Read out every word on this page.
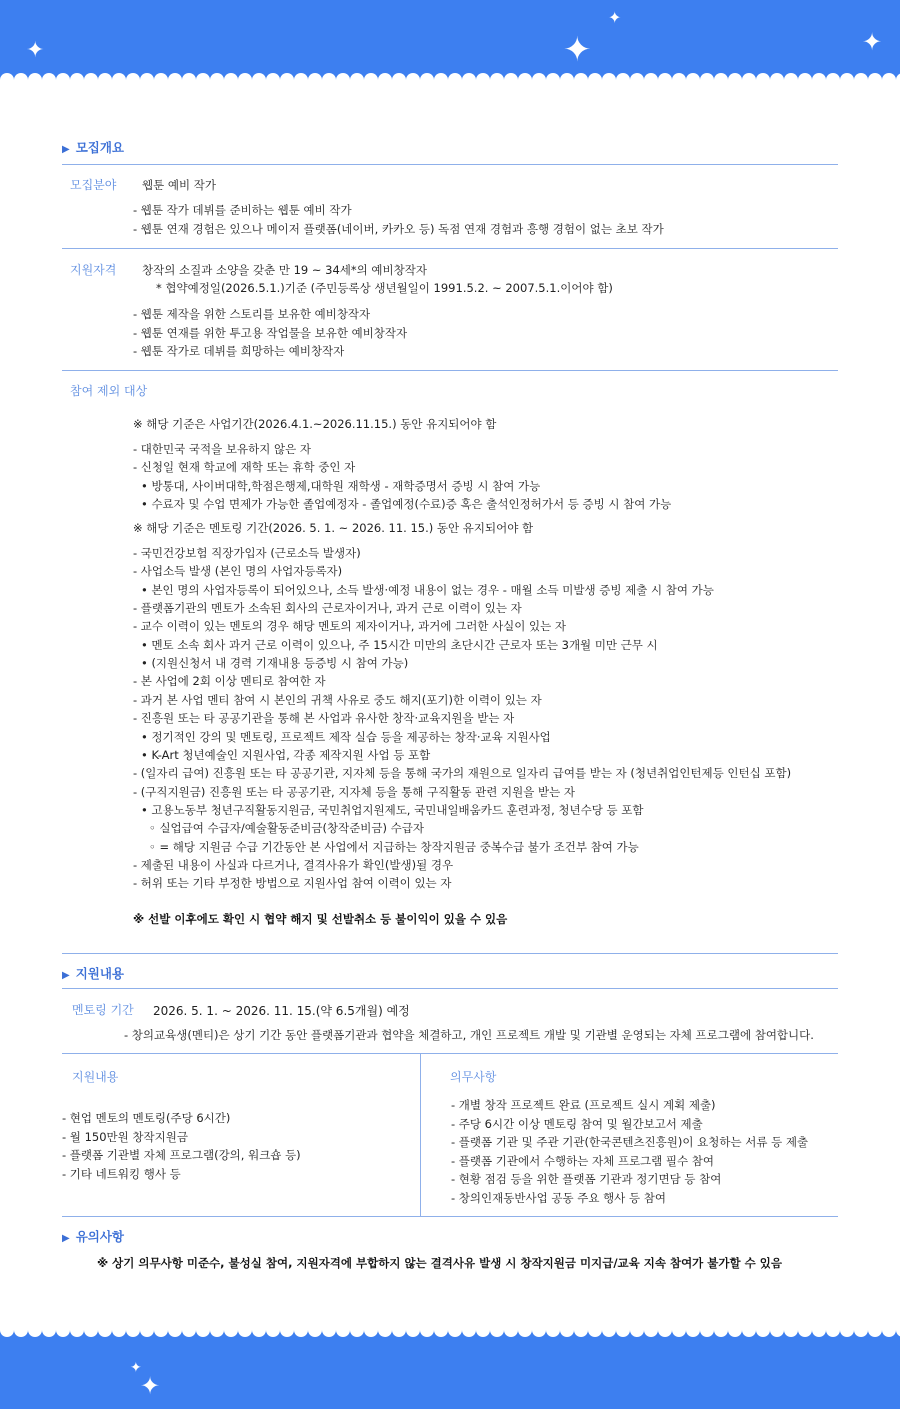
✦	✦
✦
✦
▶ 모집개요
모집분야 웹툰 예비 작가
- 웹툰 작가 데뷔를 준비하는 웹툰 예비 작가
- 웹툰 연재 경험은 있으나 메이저 플랫폼(네이버, 카카오 등) 독점 연재 경험과 흥행 경험이 없는 초보 작가
지원자격 창작의 소질과 소양을 갖춘 만 19 ~ 34세*의 예비창작자
* 협약예정일(2026.5.1.)기준 (주민등록상 생년월일이 1991.5.2. ~ 2007.5.1.이어야 함)
- 웹툰 제작을 위한 스토리를 보유한 예비창작자
- 웹툰 연재를 위한 투고용 작업물을 보유한 예비창작자
- 웹툰 작가로 데뷔를 희망하는 예비창작자
참여 제외 대상
※ 해당 기준은 사업기간(2026.4.1.~2026.11.15.) 동안 유지되어야 함
- 대한민국 국적을 보유하지 않은 자
- 신청일 현재 학교에 재학 또는 휴학 중인 자
• 방통대, 사이버대학,학점은행제,대학원 재학생 - 재학증명서 증빙 시 참여 가능
• 수료자 및 수업 면제가 가능한 졸업예정자 - 졸업예정(수료)증 혹은 출석인정허가서 등 증빙 시 참여 가능
※ 해당 기준은 멘토링 기간(2026. 5. 1. ~ 2026. 11. 15.) 동안 유지되어야 함
- 국민건강보험 직장가입자 (근로소득 발생자)
- 사업소득 발생 (본인 명의 사업자등록자)
• 본인 명의 사업자등록이 되어있으나, 소득 발생·예정 내용이 없는 경우 - 매월 소득 미발생 증빙 제출 시 참여 가능
- 플랫폼기관의 멘토가 소속된 회사의 근로자이거나, 과거 근로 이력이 있는 자
- 교수 이력이 있는 멘토의 경우 해당 멘토의 제자이거나, 과거에 그러한 사실이 있는 자
• 멘토 소속 회사 과거 근로 이력이 있으나, 주 15시간 미만의 초단시간 근로자 또는 3개월 미만 근무 시
• (지원신청서 내 경력 기재내용 등증빙 시 참여 가능)
- 본 사업에 2회 이상 멘티로 참여한 자
- 과거 본 사업 멘티 참여 시 본인의 귀책 사유로 중도 해지(포기)한 이력이 있는 자
- 진흥원 또는 타 공공기관을 통해 본 사업과 유사한 창작·교육지원을 받는 자
• 정기적인 강의 및 멘토링, 프로젝트 제작 실습 등을 제공하는 창작·교육 지원사업
• K-Art 청년예술인 지원사업, 각종 제작지원 사업 등 포함
- (일자리 급여) 진흥원 또는 타 공공기관, 지자체 등을 통해 국가의 재원으로 일자리 급여를 받는 자 (청년취업인턴제등 인턴십 포함)
- (구직지원금) 진흥원 또는 타 공공기관, 지자체 등을 통해 구직활동 관련 지원을 받는 자
• 고용노동부 청년구직활동지원금, 국민취업지원제도, 국민내일배움카드 훈련과정, 청년수당 등 포함
◦ 실업급여 수급자/예술활동준비금(창작준비금) 수급자
◦ = 해당 지원금 수급 기간동안 본 사업에서 지급하는 창작지원금 중복수급 불가 조건부 참여 가능
- 제출된 내용이 사실과 다르거나, 결격사유가 확인(발생)될 경우
- 허위 또는 기타 부정한 방법으로 지원사업 참여 이력이 있는 자
※ 선발 이후에도 확인 시 협약 해지 및 선발취소 등 불이익이 있을 수 있음
▶ 지원내용
멘토링 기간 2026. 5. 1. ~ 2026. 11. 15.(약 6.5개월) 예정
- 창의교육생(멘티)은 상기 기간 동안 플랫폼기관과 협약을 체결하고, 개인 프로젝트 개발 및 기관별 운영되는 자체 프로그램에 참여합니다.
지원내용
- 현업 멘토의 멘토링(주당 6시간)
- 월 150만원 창작지원금
- 플랫폼 기관별 자체 프로그램(강의, 워크숍 등)
- 기타 네트워킹 행사 등
의무사항
- 개별 창작 프로젝트 완료 (프로젝트 실시 계획 제출)
- 주당 6시간 이상 멘토링 참여 및 월간보고서 제출
- 플랫폼 기관 및 주관 기관(한국콘텐츠진흥원)이 요청하는 서류 등 제출
- 플랫폼 기관에서 수행하는 자체 프로그램 필수 참여
- 현황 점검 등을 위한 플랫폼 기관과 정기면담 등 참여
- 창의인재동반사업 공동 주요 행사 등 참여
▶ 유의사항
※ 상기 의무사항 미준수, 불성실 참여, 지원자격에 부합하지 않는 결격사유 발생 시 창작지원금 미지급/교육 지속 참여가 불가할 수 있음
✦
✦
